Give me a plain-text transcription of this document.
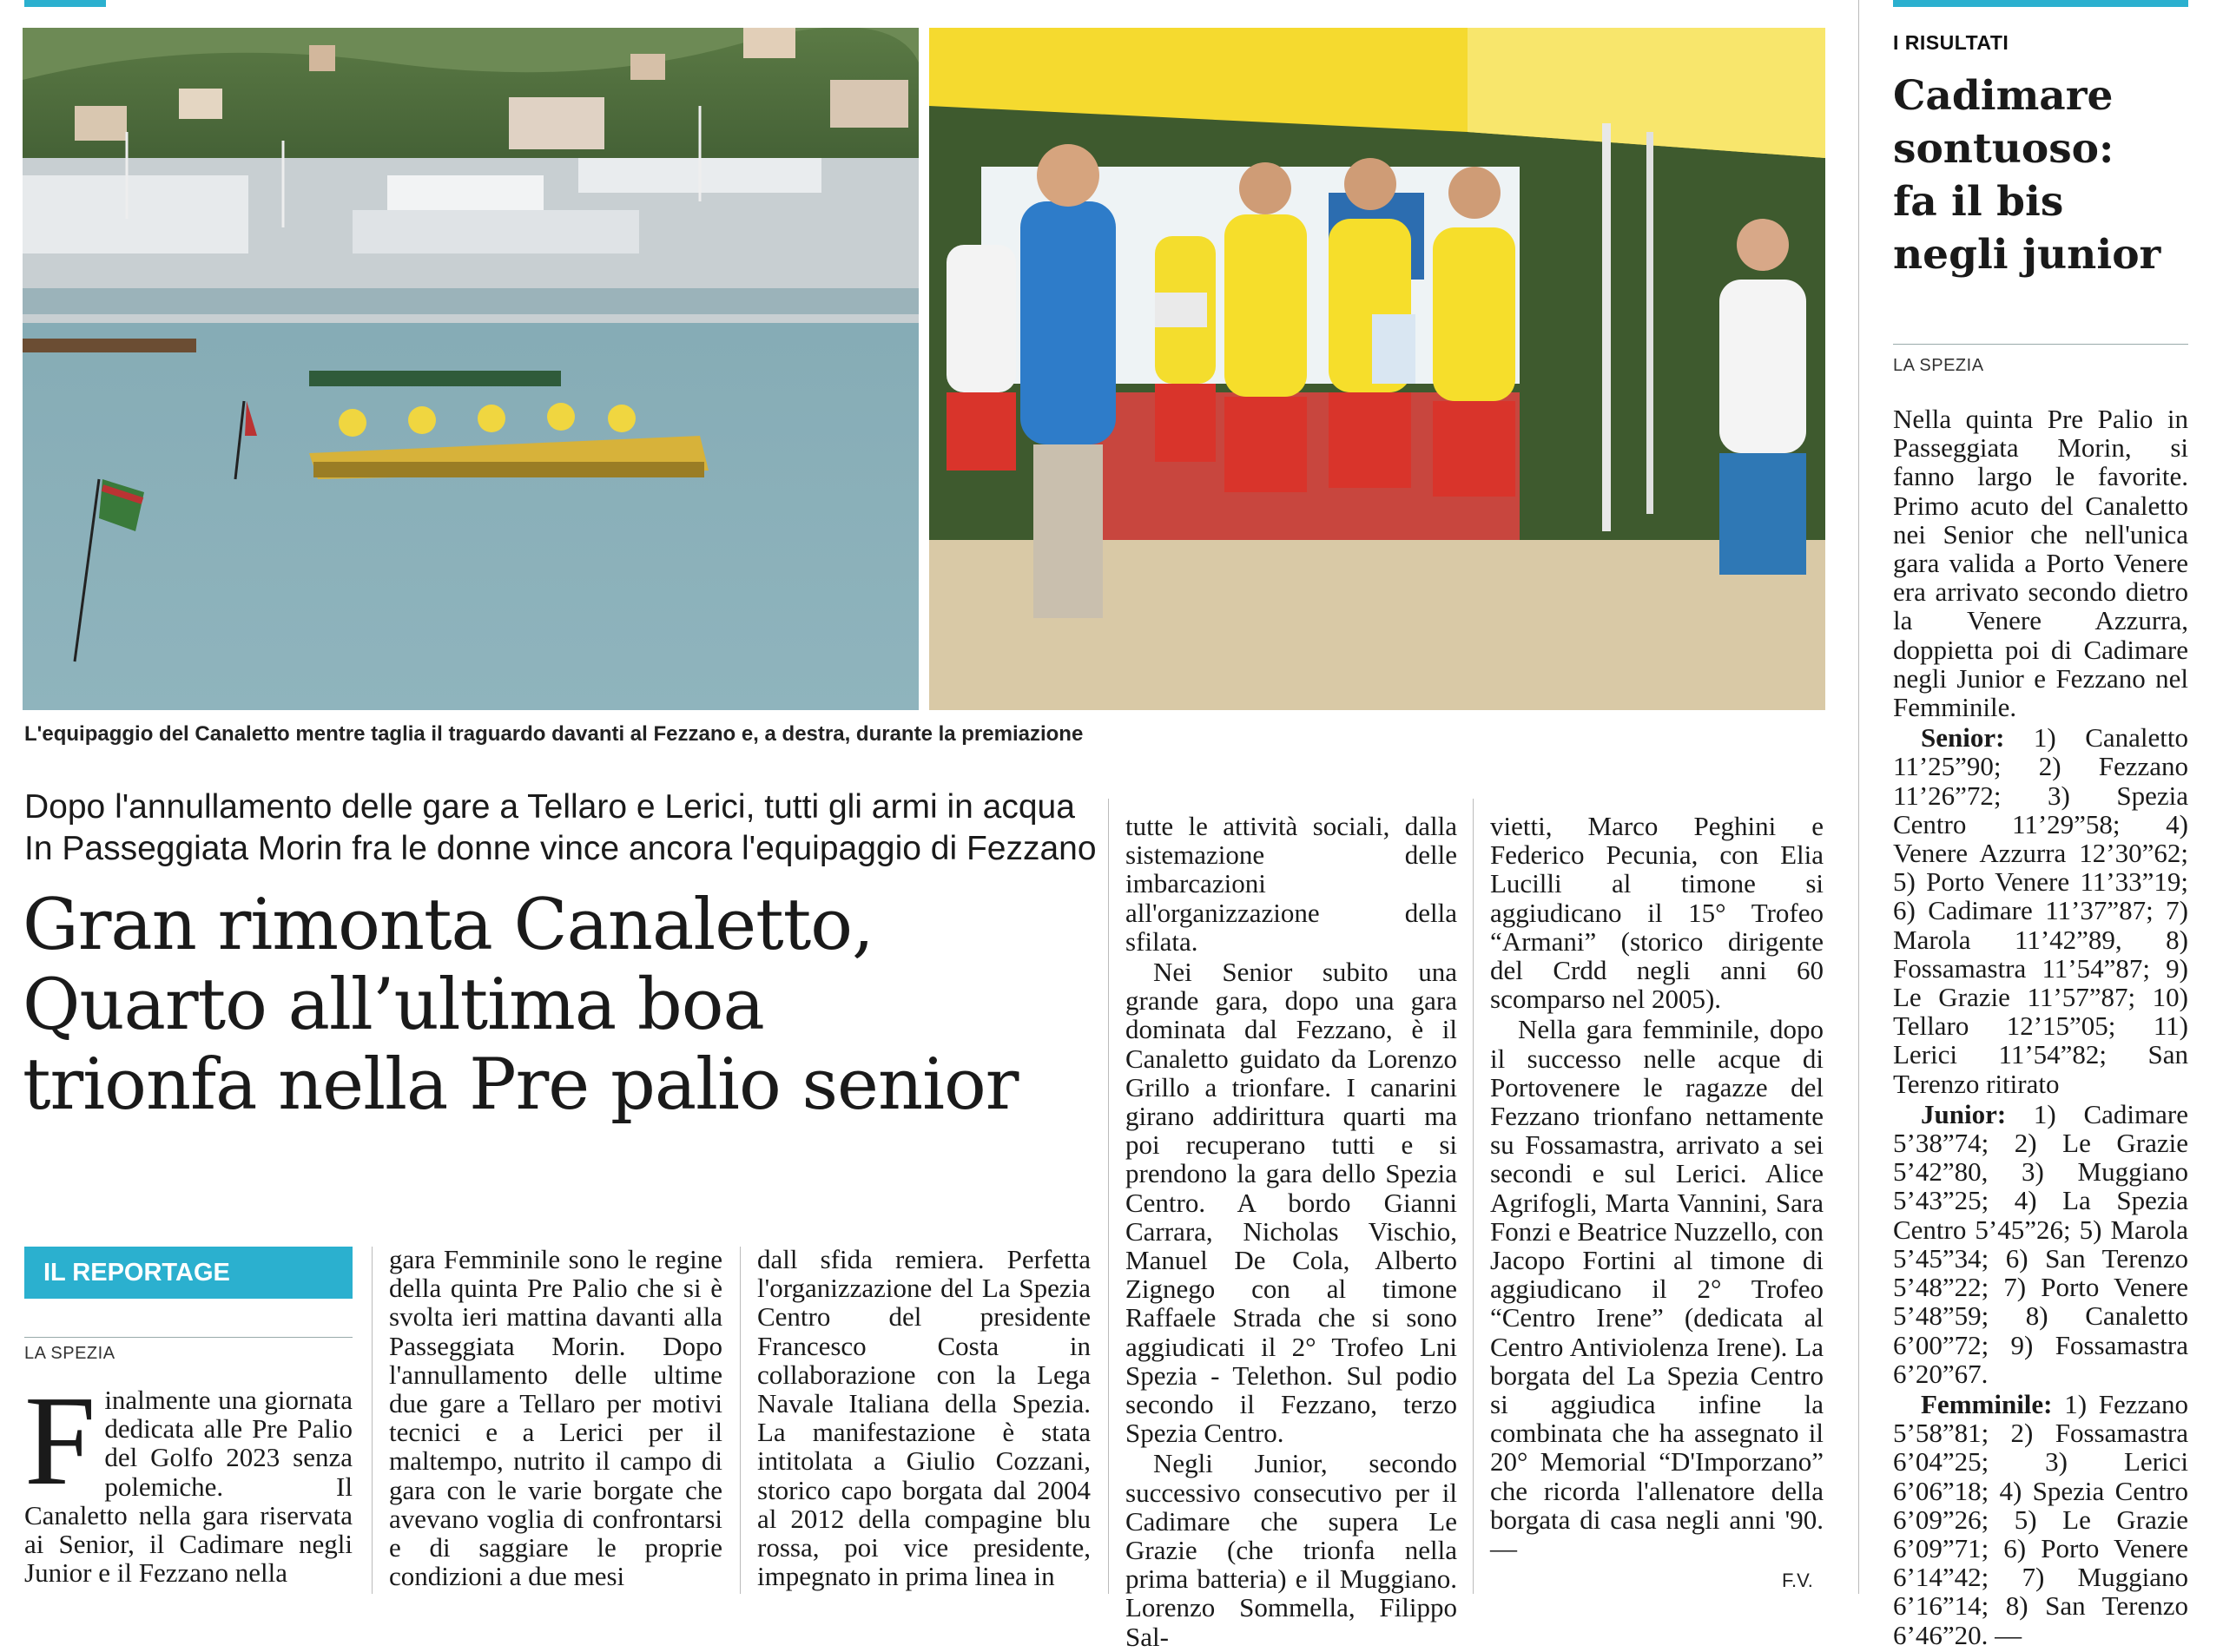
L'equipaggio del Canaletto mentre taglia il traguardo davanti al Fezzano e, a destra, durante la premiazione
Dopo l'annullamento delle gare a Tellaro e Lerici, tutti gli armi in acqua
In Passeggiata Morin fra le donne vince ancora l'equipaggio di Fezzano
Gran rimonta Canaletto,
Quarto all’ultima boa
trionfa nella Pre palio senior
IL REPORTAGE
LA SPEZIA
F inalmente una giornata dedicata alle Pre Palio del Golfo 2023 senza polemiche. Il Canaletto nella gara riservata ai Senior, il Cadimare negli Junior e il Fezzano nella

gara Femminile sono le regine della quinta Pre Palio che si è svolta ieri mattina davanti alla Passeggiata Morin. Dopo l'annullamento delle ultime due gare a Tellaro per motivi tecnici e a Lerici per il maltempo, nutrito il campo di gara con le varie borgate che avevano voglia di confrontarsi e di saggiare le proprie condizioni a due mesi

dall sfida remiera. Perfetta l'organizzazione del La Spezia Centro del presidente Francesco Costa in collaborazione con la Lega Navale Italiana della Spezia. La manifestazione è stata intitolata a Giulio Cozzani, storico capo borgata dal 2004 al 2012 della compagine blu rossa, poi vice presidente, impegnato in prima linea in

tutte le attività sociali, dalla sistemazione delle imbarcazioni all'organizzazione della sfilata.

Nei Senior subito una grande gara, dopo una gara dominata dal Fezzano, è il Canaletto guidato da Lorenzo Grillo a trionfare. I canarini girano addirittura quarti ma poi recuperano tutti e si prendono la gara dello Spezia Centro. A bordo Gianni Carrara, Nicholas Vischio, Manuel De Cola, Alberto Zignego con al timone Raffaele Strada che si sono aggiudicati il 2° Trofeo Lni Spezia - Telethon. Sul podio secondo il Fezzano, terzo Spezia Centro.

Negli Junior, secondo successivo consecutivo per il Cadimare che supera Le Grazie (che trionfa nella prima batteria) e il Muggiano. Lorenzo Sommella, Filippo Sal-

vietti, Marco Peghini e Federico Pecunia, con Elia Lucilli al timone si aggiudicano il 15° Trofeo “Armani” (storico dirigente del Crdd negli anni 60 scomparso nel 2005).

Nella gara femminile, dopo il successo nelle acque di Portovenere le ragazze del Fezzano trionfano nettamente su Fossamastra, arrivato a sei secondi e sul Lerici. Alice Agrifogli, Marta Vannini, Sara Fonzi e Beatrice Nuzzello, con Jacopo Fortini al timone di aggiudicano il 2° Trofeo “Centro Irene” (dedicata al Centro Antiviolenza Irene). La borgata del La Spezia Centro si aggiudica infine la combinata che ha assegnato il 20° Memorial “D'Imporzano” che ricorda l'allenatore della borgata di casa negli anni '90. —

F.V.
I RISULTATI
Cadimare
sontuoso:
fa il bis
negli junior
LA SPEZIA

Nella quinta Pre Palio in Passeggiata Morin, si fanno largo le favorite. Primo acuto del Canaletto nei Senior che nell'unica gara valida a Porto Venere era arrivato secondo dietro la Venere Azzurra, doppietta poi di Cadimare negli Junior e Fezzano nel Femminile.

Senior: 1) Canaletto 11’25”90; 2) Fezzano 11’26”72; 3) Spezia Centro 11’29”58; 4) Venere Azzurra 12’30”62; 5) Porto Venere 11’33”19; 6) Cadimare 11’37”87; 7) Marola 11’42”89, 8) Fossamastra 11’54”87; 9) Le Grazie 11’57”87; 10) Tellaro 12’15”05; 11) Lerici 11’54”82; San Terenzo ritirato

Junior: 1) Cadimare 5’38”74; 2) Le Grazie 5’42”80, 3) Muggiano 5’43”25; 4) La Spezia Centro 5’45”26; 5) Marola 5’45”34; 6) San Terenzo 5’48”22; 7) Porto Venere 5’48”59; 8) Canaletto 6’00”72; 9) Fossamastra 6’20”67.

Femminile: 1) Fezzano 5’58”81; 2) Fossamastra 6’04”25; 3) Lerici 6’06”18; 4) Spezia Centro 6’09”26; 5) Le Grazie 6’09”71; 6) Porto Venere 6’14”42; 7) Muggiano 6’16”14; 8) San Terenzo 6’46”20. —
